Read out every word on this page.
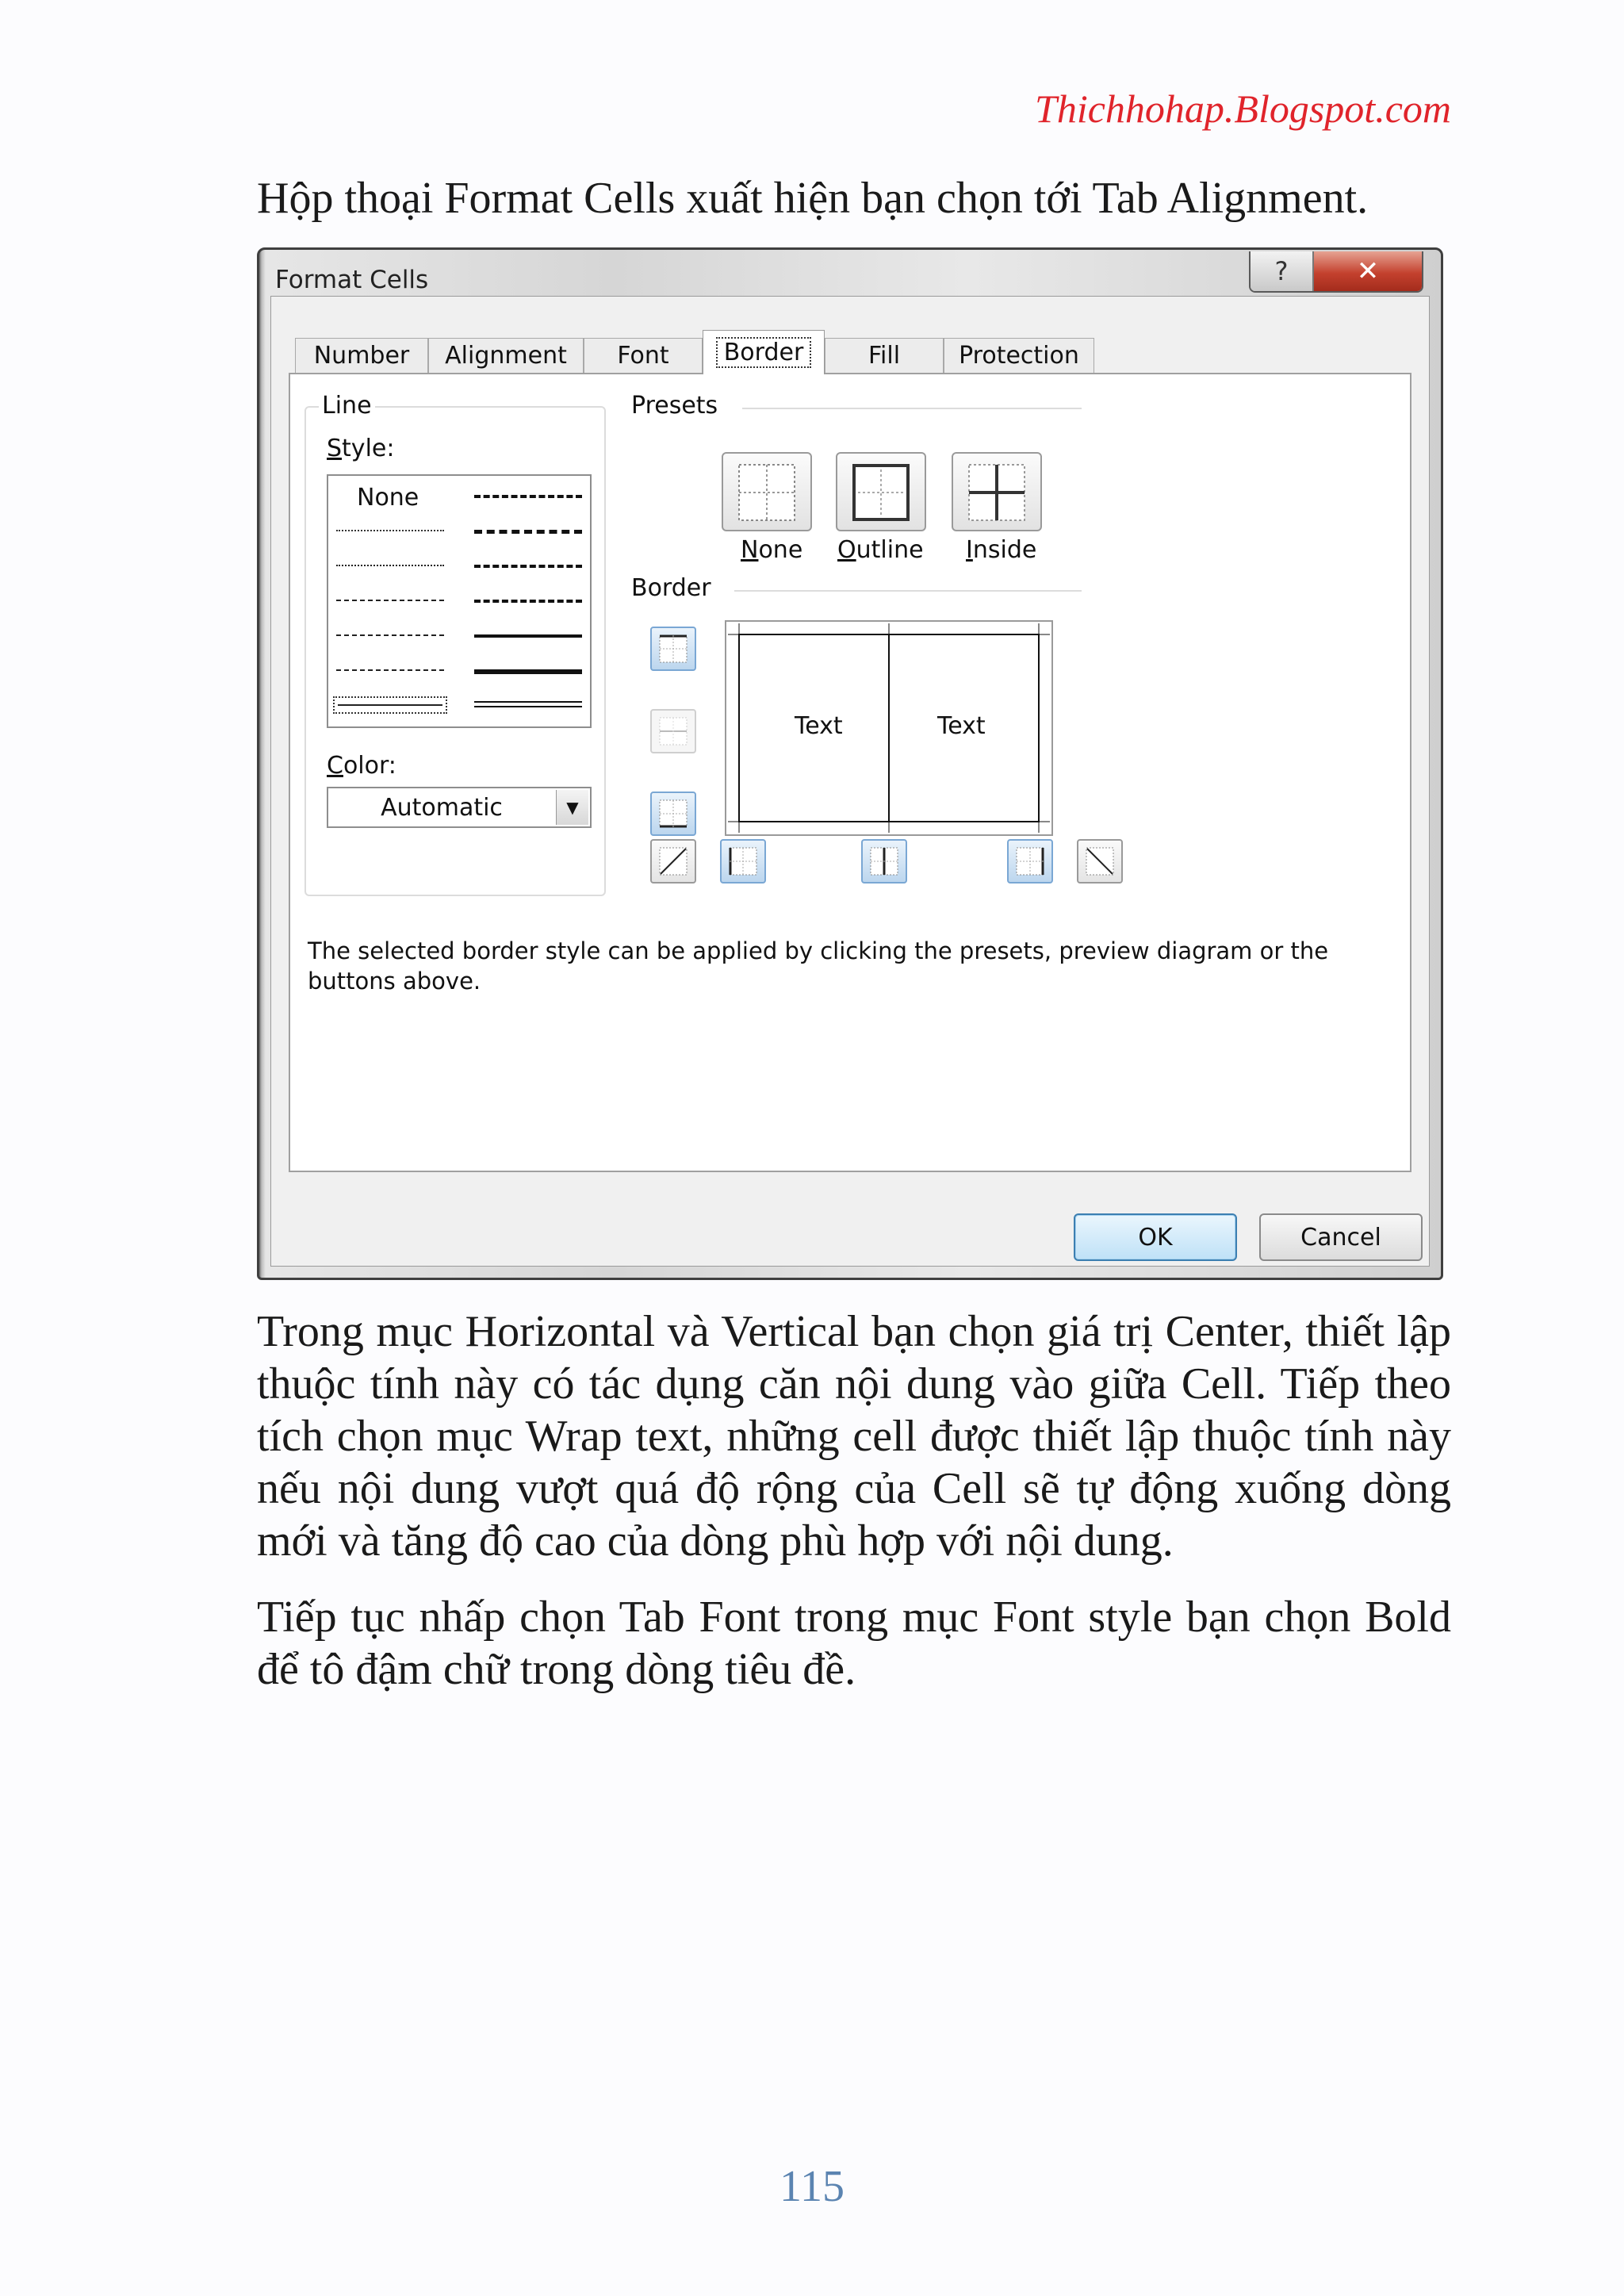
Thichhohap.Blogspot.com
Hộp thoại Format Cells xuất hiện bạn chọn tới Tab Alignment.
Format Cells	?	✕
Number Alignment Font	Border	Fill Protection
Line
Style:
None
Color:
Automatic	▼
Presets
None Outline Inside
Border
Text	Text
The selected border style can be applied by clicking the presets, preview diagram or the buttons above.
OK	Cancel
Trong mục Horizontal và Vertical bạn chọn giá trị Center, thiết lập thuộc tính này có tác dụng căn nội dung vào giữa Cell. Tiếp theo tích chọn mục Wrap text, những cell được thiết lập thuộc tính này nếu nội dung vượt quá độ rộng của Cell sẽ tự động xuống dòng mới và tăng độ cao của dòng phù hợp với nội dung.
Tiếp tục nhấp chọn Tab Font trong mục Font style bạn chọn Bold để tô đậm chữ trong dòng tiêu đề.
115
